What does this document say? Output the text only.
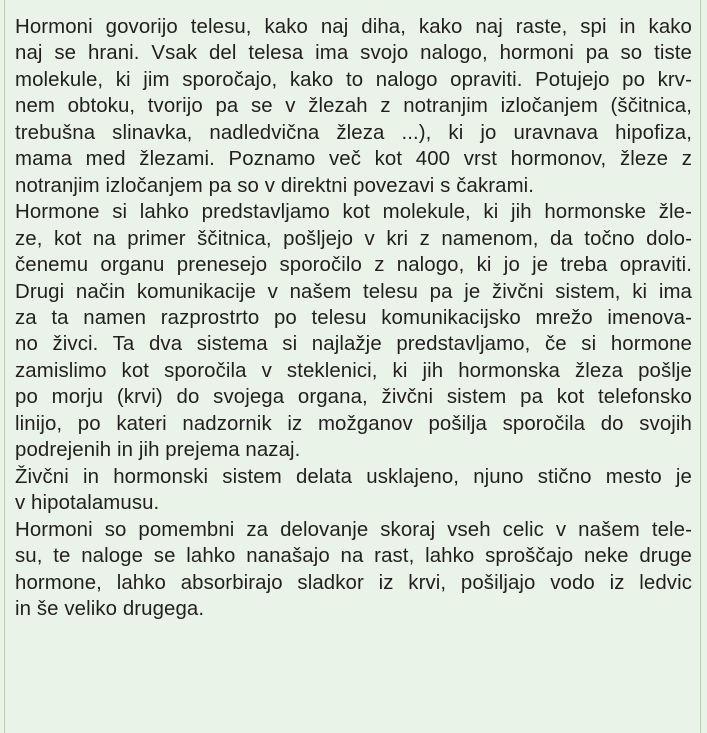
Hormoni govorijo telesu, kako naj diha, kako naj raste, spi in kako
naj se hrani. Vsak del telesa ima svojo nalogo, hormoni pa so tiste
molekule, ki jim sporočajo, kako to nalogo opraviti. Potujejo po krv-
nem obtoku, tvorijo pa se v žlezah z notranjim izločanjem (ščitnica,
trebušna slinavka, nadledvična žleza ...), ki jo uravnava hipofiza,
mama med žlezami. Poznamo več kot 400 vrst hormonov, žleze z
notranjim izločanjem pa so v direktni povezavi s čakrami.

Hormone si lahko predstavljamo kot molekule, ki jih hormonske žle-
ze, kot na primer ščitnica, pošljejo v kri z namenom, da točno dolo-
čenemu organu prenesejo sporočilo z nalogo, ki jo je treba opraviti.
Drugi način komunikacije v našem telesu pa je živčni sistem, ki ima
za ta namen razprostrto po telesu komunikacijsko mrežo imenova-
no živci. Ta dva sistema si najlažje predstavljamo, če si hormone
zamislimo kot sporočila v steklenici, ki jih hormonska žleza pošlje
po morju (krvi) do svojega organa, živčni sistem pa kot telefonsko
linijo, po kateri nadzornik iz možganov pošilja sporočila do svojih
podrejenih in jih prejema nazaj.

Živčni in hormonski sistem delata usklajeno, njuno stično mesto je
v hipotalamusu.

Hormoni so pomembni za delovanje skoraj vseh celic v našem tele-
su, te naloge se lahko nanašajo na rast, lahko sproščajo neke druge
hormone, lahko absorbirajo sladkor iz krvi, pošiljajo vodo iz ledvic
in še veliko drugega.
